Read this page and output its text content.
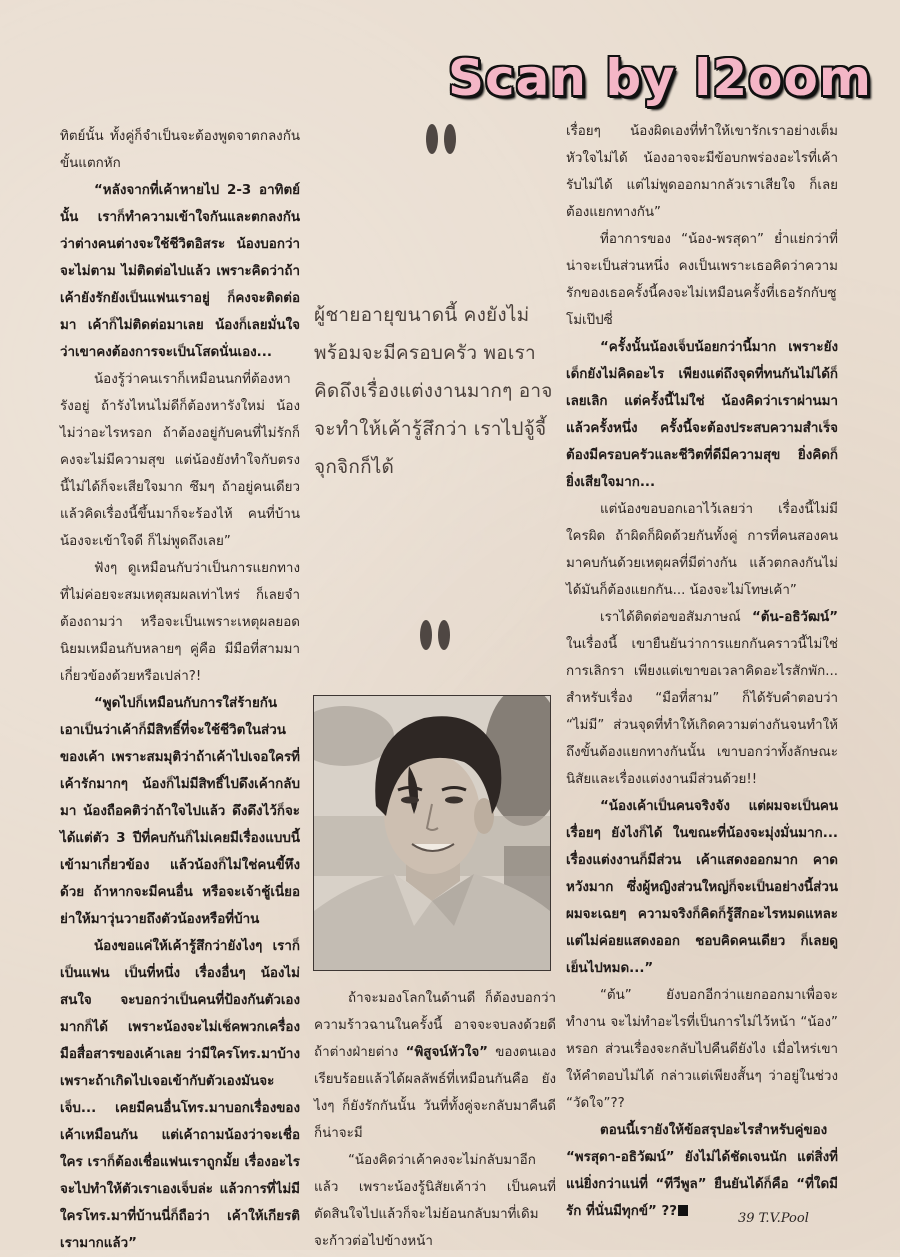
Scan by l2oom

ทิตย์นั้น ทั้งคู่ก็จำเป็นจะต้องพูดจาตกลงกันขั้นแตกหัก

“หลังจากที่เค้าหายไป 2-3 อาทิตย์นั้น เราก็ทำความเข้าใจกันและตกลงกันว่าต่างคนต่างจะใช้ชีวิตอิสระ น้องบอกว่าจะไม่ตาม ไม่ติดต่อไปแล้ว เพราะคิดว่าถ้าเค้ายังรักยังเป็นแฟนเราอยู่ ก็คงจะติดต่อมา เค้าก็ไม่ติดต่อมาเลย น้องก็เลยมั่นใจว่าเขาคงต้องการจะเป็นโสดนั่นเอง...

น้องรู้ว่าคนเราก็เหมือนนกที่ต้องหารังอยู่ ถ้ารังไหนไม่ดีก็ต้องหารังใหม่ น้องไม่ว่าอะไรหรอก ถ้าต้องอยู่กับคนที่ไม่รักก็คงจะไม่มีความสุข แต่น้องยังทำใจกับตรงนี้ไม่ได้ก็จะเสียใจมาก ซึมๆ ถ้าอยู่คนเดียวแล้วคิดเรื่องนี้ขึ้นมาก็จะร้องไห้ คนที่บ้านน้องจะเข้าใจดี ก็ไม่พูดถึงเลย”

ฟังๆ ดูเหมือนกับว่าเป็นการแยกทางที่ไม่ค่อยจะสมเหตุสมผลเท่าไหร่ ก็เลยจำต้องถามว่า หรือจะเป็นเพราะเหตุผลยอดนิยมเหมือนกับหลายๆ คู่คือ มีมือที่สามมาเกี่ยวข้องด้วยหรือเปล่า?!

“พูดไปก็เหมือนกับการใส่ร้ายกัน เอาเป็นว่าเค้าก็มีสิทธิ์ที่จะใช้ชีวิตในส่วนของเค้า เพราะสมมุติว่าถ้าเค้าไปเจอใครที่เค้ารักมากๆ น้องก็ไม่มีสิทธิ์ไปดึงเค้ากลับมา น้องถือคติว่าถ้าใจไปแล้ว ดึงดึงไว้ก็จะได้แต่ตัว 3 ปีที่คบกันก็ไม่เคยมีเรื่องแบบนี้เข้ามาเกี่ยวข้อง แล้วน้องก็ไม่ใช่คนขี้หึงด้วย ถ้าหากจะมีคนอื่น หรือจะเจ้าชู้เนี่ยอย่าให้มาวุ่นวายถึงตัวน้องหรือที่บ้าน

น้องขอแค่ให้เค้ารู้สึกว่ายังไงๆ เราก็เป็นแฟน เป็นที่หนึ่ง เรื่องอื่นๆ น้องไม่สนใจ จะบอกว่าเป็นคนที่ป้องกันตัวเองมากก็ได้ เพราะน้องจะไม่เช็คพวกเครื่องมือสื่อสารของเค้าเลย ว่ามีใครโทร.มาบ้าง เพราะถ้าเกิดไปเจอเข้ากับตัวเองมันจะเจ็บ... เคยมีคนอื่นโทร.มาบอกเรื่องของเค้าเหมือนกัน แต่เค้าถามน้องว่าจะเชื่อใคร เราก็ต้องเชื่อแฟนเราถูกมั้ย เรื่องอะไรจะไปทำให้ตัวเราเองเจ็บล่ะ แล้วการที่ไม่มีใครโทร.มาที่บ้านนี่ก็ถือว่า เค้าให้เกียรติเรามากแล้ว”

ผู้ชายอายุขนาดนี้ คงยังไม่พร้อมจะมีครอบครัว พอเราคิดถึงเรื่องแต่งงานมากๆ อาจจะทำให้เค้ารู้สึกว่า เราไปจู้จี้จุกจิกก็ได้

ถ้าจะมองโลกในด้านดี ก็ต้องบอกว่าความร้าวฉานในครั้งนี้ อาจจะจบลงด้วยดีถ้าต่างฝ่ายต่าง “พิสูจน์หัวใจ” ของตนเองเรียบร้อยแล้วได้ผลลัพธ์ที่เหมือนกันคือ ยังไงๆ ก็ยังรักกันนั้น วันที่ทั้งคู่จะกลับมาคืนดีก็น่าจะมี

“น้องคิดว่าเค้าคงจะไม่กลับมาอีกแล้ว เพราะน้องรู้นิสัยเค้าว่า เป็นคนที่ตัดสินใจไปแล้วก็จะไม่ย้อนกลับมาที่เดิม จะก้าวต่อไปข้างหน้า

เรื่อยๆ น้องผิดเองที่ทำให้เขารักเราอย่างเต็มหัวใจไม่ได้ น้องอาจจะมีข้อบกพร่องอะไรที่เค้ารับไม่ได้ แต่ไม่พูดออกมากลัวเราเสียใจ ก็เลยต้องแยกทางกัน”

ที่อาการของ “น้อง-พรสุดา” ย่ำแย่กว่าที่น่าจะเป็นส่วนหนึ่ง คงเป็นเพราะเธอคิดว่าความรักของเธอครั้งนี้คงจะไม่เหมือนครั้งที่เธอรักกับซูโม่เป๊ปซี่

“ครั้งนั้นน้องเจ็บน้อยกว่านี้มาก เพราะยังเด็กยังไม่คิดอะไร เพียงแต่ถึงจุดที่ทนกันไม่ได้ก็เลยเลิก แต่ครั้งนี้ไม่ใช่ น้องคิดว่าเราผ่านมาแล้วครั้งหนึ่ง ครั้งนี้จะต้องประสบความสำเร็จ ต้องมีครอบครัวและชีวิตที่ดีมีความสุข ยิ่งคิดก็ยิ่งเสียใจมาก...

แต่น้องขอบอกเอาไว้เลยว่า เรื่องนี้ไม่มีใครผิด ถ้าผิดก็ผิดด้วยกันทั้งคู่ การที่คนสองคนมาคบกันด้วยเหตุผลที่มีต่างกัน แล้วตกลงกันไม่ได้มันก็ต้องแยกกัน... น้องจะไม่โทษเค้า”

เราได้ติดต่อขอสัมภาษณ์ “ต้น-อธิวัฒน์” ในเรื่องนี้ เขายืนยันว่าการแยกกันคราวนี้ไม่ใช่การเลิกรา เพียงแต่เขาขอเวลาคิดอะไรสักพัก... สำหรับเรื่อง “มือที่สาม” ก็ได้รับคำตอบว่า “ไม่มี” ส่วนจุดที่ทำให้เกิดความต่างกันจนทำให้ถึงขั้นต้องแยกทางกันนั้น เขาบอกว่าทั้งลักษณะนิสัยและเรื่องแต่งงานมีส่วนด้วย!!

“น้องเค้าเป็นคนจริงจัง แต่ผมจะเป็นคนเรื่อยๆ ยังไงก็ได้ ในขณะที่น้องจะมุ่งมั่นมาก... เรื่องแต่งงานก็มีส่วน เค้าแสดงออกมาก คาดหวังมาก ซึ่งผู้หญิงส่วนใหญ่ก็จะเป็นอย่างนี้ส่วนผมจะเฉยๆ ความจริงก็คิดก็รู้สึกอะไรหมดแหละ แต่ไม่ค่อยแสดงออก ชอบคิดคนเดียว ก็เลยดูเย็นไปหมด...”

“ต้น” ยังบอกอีกว่าแยกออกมาเพื่อจะทำงาน จะไม่ทำอะไรที่เป็นการไม่ไว้หน้า “น้อง” หรอก ส่วนเรื่องจะกลับไปคืนดียังไง เมื่อไหร่เขาให้คำตอบไม่ได้ กล่าวแต่เพียงสั้นๆ ว่าอยู่ในช่วง “วัดใจ”??

ตอนนี้เรายังให้ข้อสรุปอะไรสำหรับคู่ของ “พรสุดา-อธิวัฒน์” ยังไม่ได้ชัดเจนนัก แต่สิ่งที่แน่ยิ่งกว่าแน่ที่ “ทีวีพูล” ยืนยันได้ก็คือ “ที่ใดมีรัก ที่นั่นมีทุกข์” ??	39 T.V.Pool
